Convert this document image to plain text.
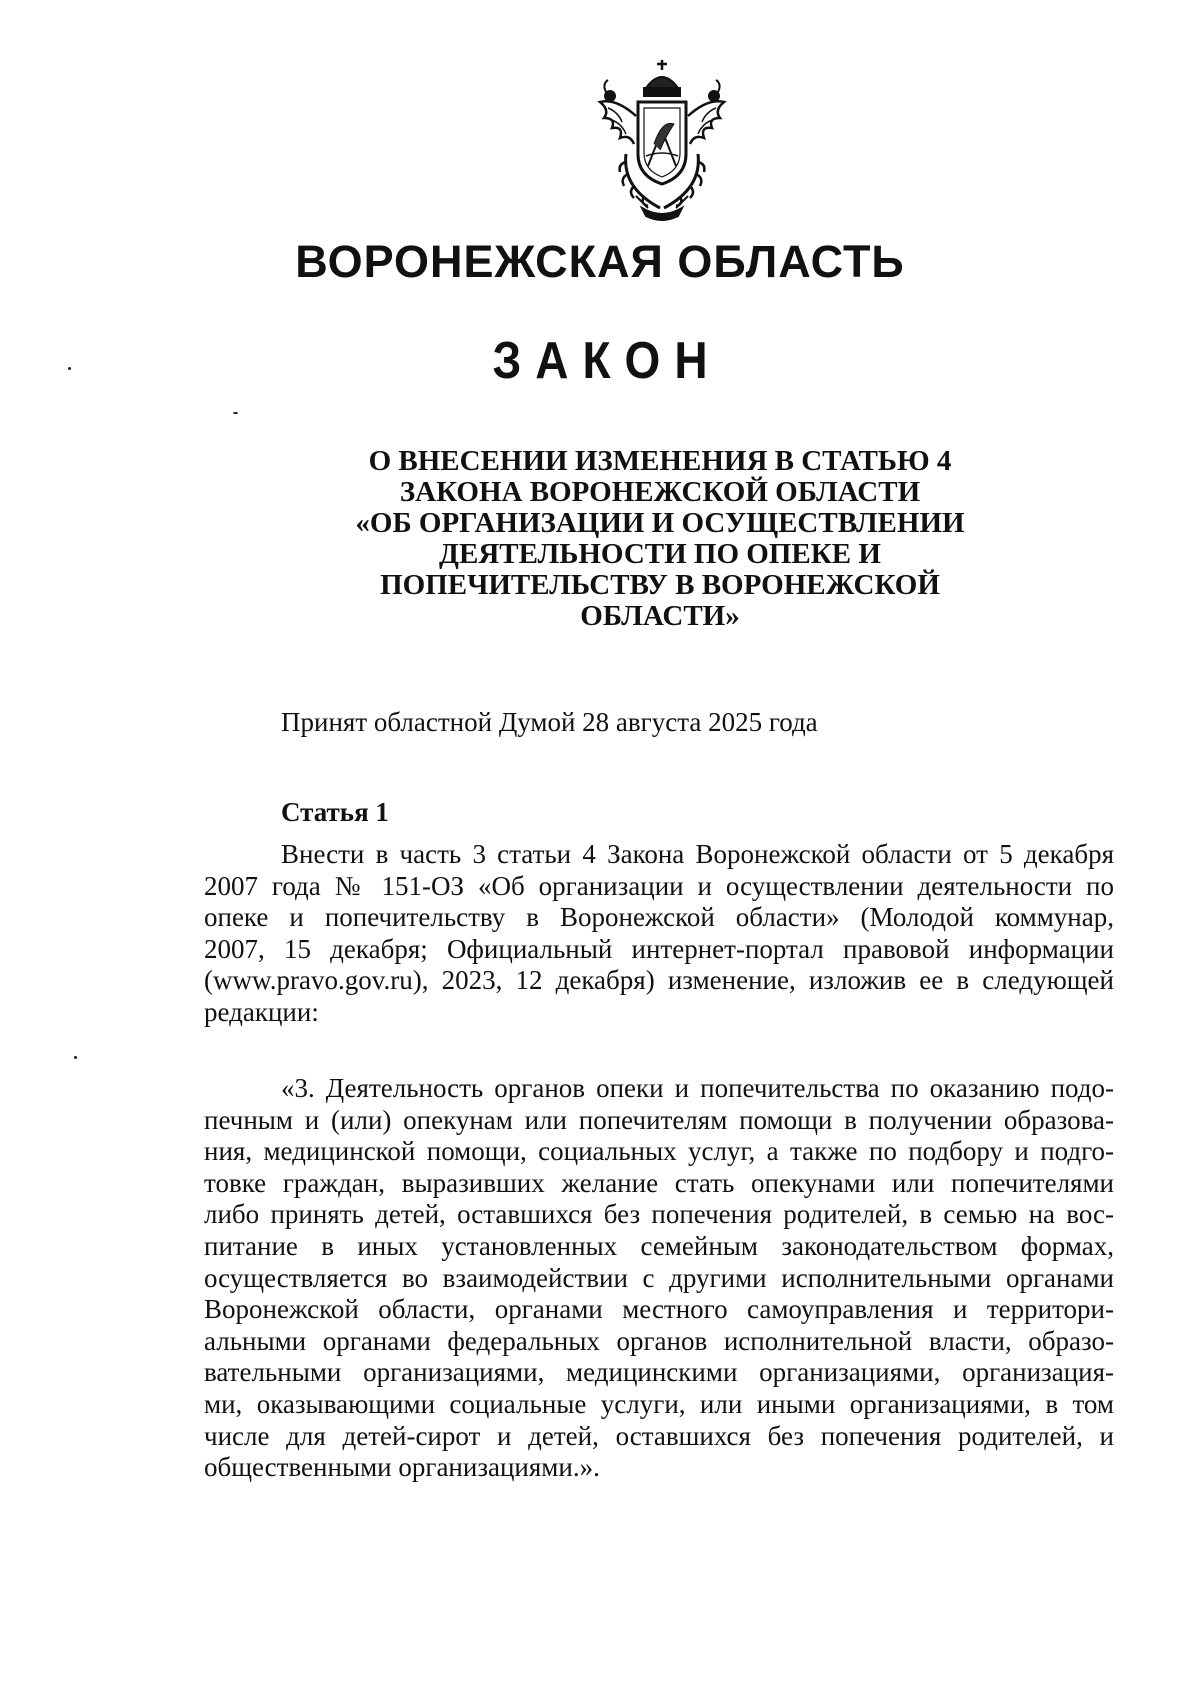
ВОРОНЕЖСКАЯ ОБЛАСТЬ
ЗАКОН
О ВНЕСЕНИИ ИЗМЕНЕНИЯ В СТАТЬЮ 4
ЗАКОНА ВОРОНЕЖСКОЙ ОБЛАСТИ
«ОБ ОРГАНИЗАЦИИ И ОСУЩЕСТВЛЕНИИ
ДЕЯТЕЛЬНОСТИ ПО ОПЕКЕ И
ПОПЕЧИТЕЛЬСТВУ В ВОРОНЕЖСКОЙ
ОБЛАСТИ»
Принят областной Думой 28 августа 2025 года
Статья 1
Внести в часть 3 статьи 4 Закона Воронежской области от 5 декабря
2007 года № 151-ОЗ «Об организации и осуществлении деятельности по
опеке и попечительству в Воронежской области» (Молодой коммунар,
2007, 15 декабря; Официальный интернет-портал правовой информации
(www.pravo.gov.ru), 2023, 12 декабря) изменение, изложив ее в следующей
редакции:
«3. Деятельность органов опеки и попечительства по оказанию подо-
печным и (или) опекунам или попечителям помощи в получении образова-
ния, медицинской помощи, социальных услуг, а также по подбору и подго-
товке граждан, выразивших желание стать опекунами или попечителями
либо принять детей, оставшихся без попечения родителей, в семью на вос-
питание в иных установленных семейным законодательством формах,
осуществляется во взаимодействии с другими исполнительными органами
Воронежской области, органами местного самоуправления и территори-
альными органами федеральных органов исполнительной власти, образо-
вательными организациями, медицинскими организациями, организация-
ми, оказывающими социальные услуги, или иными организациями, в том
числе для детей-сирот и детей, оставшихся без попечения родителей, и
общественными организациями.».
